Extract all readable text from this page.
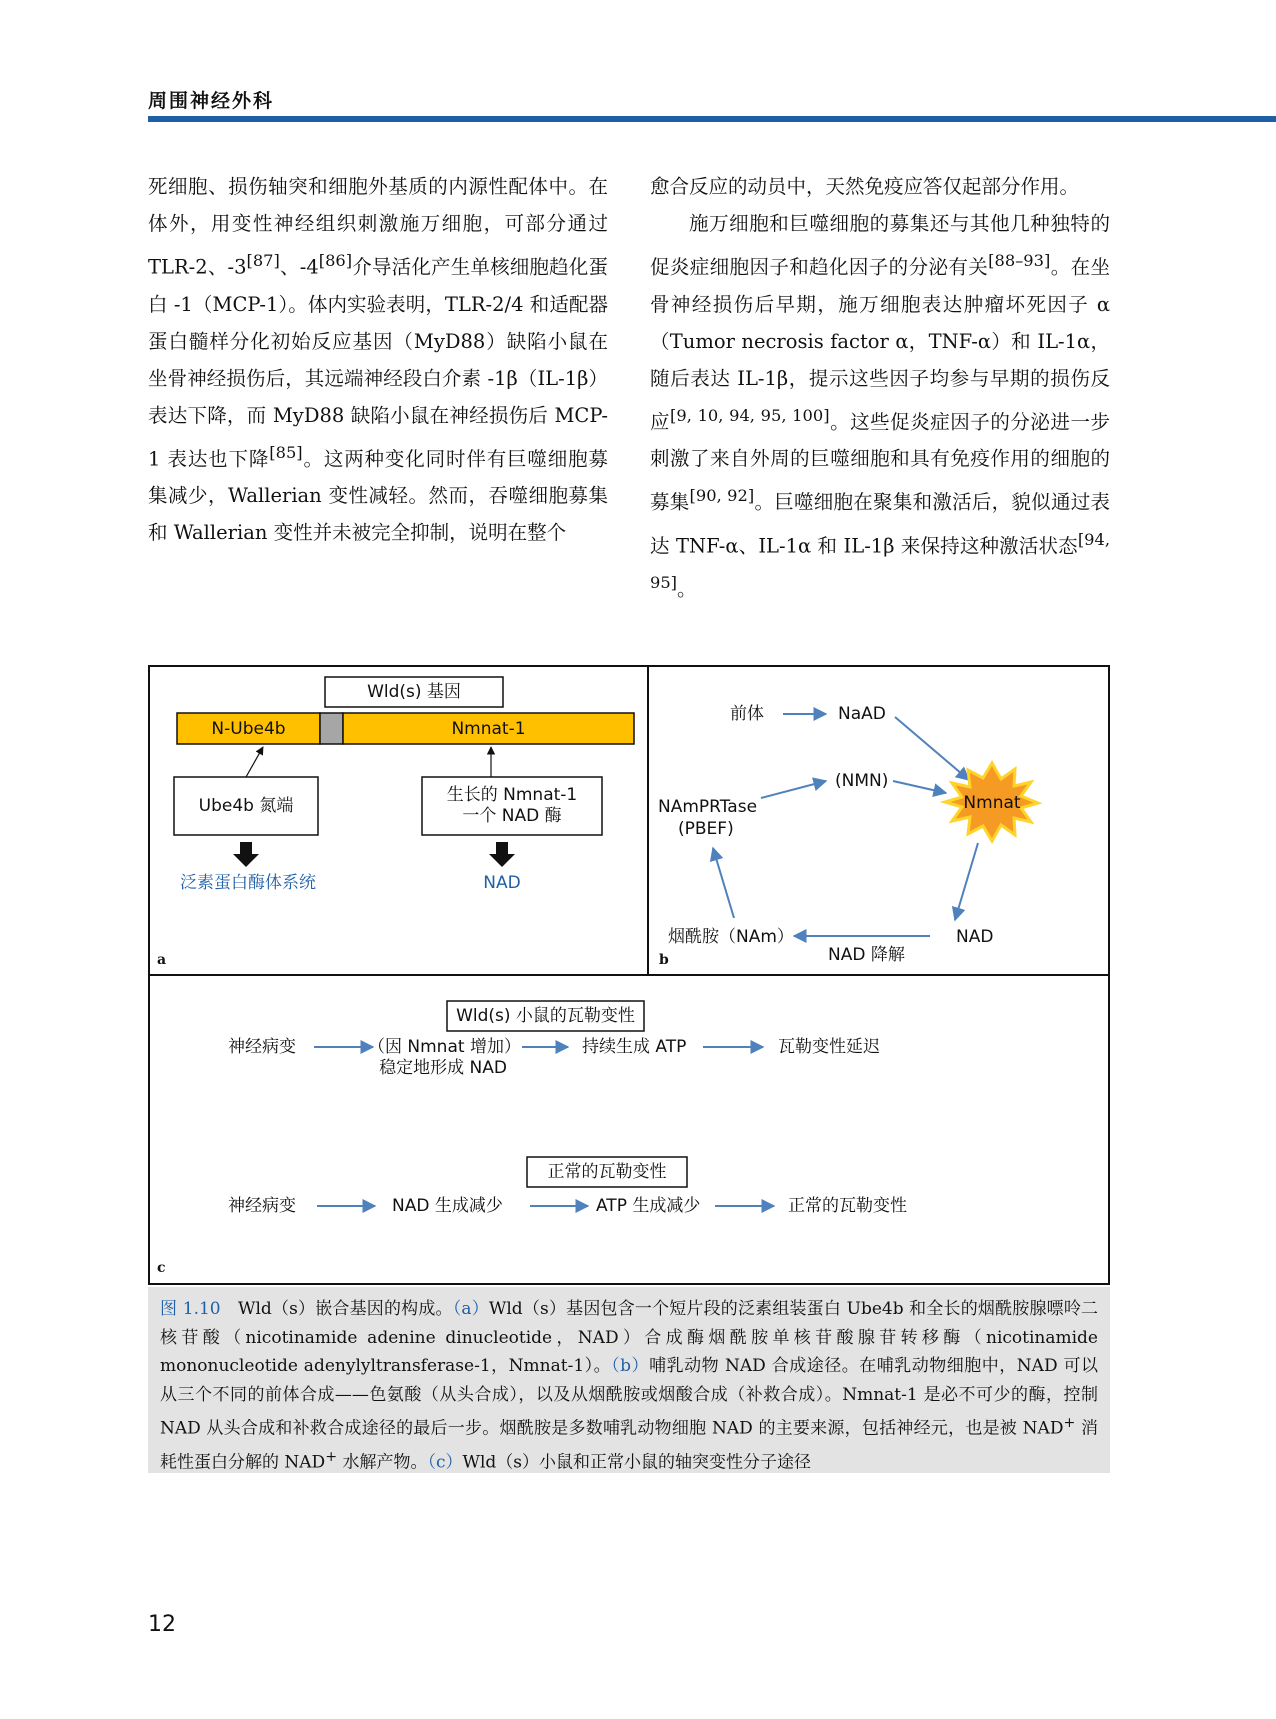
周围神经外科

死细胞、损伤轴突和细胞外基质的内源性配体中。在体外，用变性神经组织刺激施万细胞，可部分通过 TLR-2、-3[87]、-4[86]介导活化产生单核细胞趋化蛋白 -1（MCP-1）。体内实验表明，TLR-2/4 和适配器蛋白髓样分化初始反应基因（MyD88）缺陷小鼠在坐骨神经损伤后，其远端神经段白介素 -1β（IL-1β）表达下降，而 MyD88 缺陷小鼠在神经损伤后 MCP-1 表达也下降[85]。这两种变化同时伴有巨噬细胞募集减少，Wallerian 变性减轻。然而，吞噬细胞募集和 Wallerian 变性并未被完全抑制，说明在整个

愈合反应的动员中，天然免疫应答仅起部分作用。

施万细胞和巨噬细胞的募集还与其他几种独特的促炎症细胞因子和趋化因子的分泌有关[88–93]。在坐骨神经损伤后早期，施万细胞表达肿瘤坏死因子 α（Tumor necrosis factor α，TNF-α）和 IL-1α，随后表达 IL-1β，提示这些因子均参与早期的损伤反应[9, 10, 94, 95, 100]。这些促炎症因子的分泌进一步刺激了来自外周的巨噬细胞和具有免疫作用的细胞的募集[90, 92]。巨噬细胞在聚集和激活后，貌似通过表达 TNF-α、IL-1α 和 IL-1β 来保持这种激活状态[94, 95]。

Wld(s) 基因
N-Ube4b	Nmnat-1
Ube4b 氮端
生长的 Nmnat-1
一个 NAD 酶
泛素蛋白酶体系统	NAD
a
前体	NaAD
(NMN)
NAmPRTase
(PBEF)
Nmnat
NAD
烟酰胺（NAm）
NAD 降解
b
Wld(s) 小鼠的瓦勒变性
神经病变	（因 Nmnat 增加）
稳定地形成 NAD
持续生成 ATP	瓦勒变性延迟
正常的瓦勒变性
神经病变	NAD 生成减少	ATP 生成减少	正常的瓦勒变性
c
图 1.10　 Wld（s）嵌合基因的构成。（a）Wld（s）基因包含一个短片段的泛素组装蛋白 Ube4b 和全长的烟酰胺腺嘌呤二核苷酸（nicotinamide adenine dinucleotide，NAD）合成酶烟酰胺单核苷酸腺苷转移酶（nicotinamide mononucleotide adenylyltransferase-1，Nmnat-1）。（b）哺乳动物 NAD 合成途径。在哺乳动物细胞中，NAD 可以从三个不同的前体合成——色氨酸（从头合成），以及从烟酰胺或烟酸合成（补救合成）。Nmnat-1 是必不可少的酶，控制 NAD 从头合成和补救合成途径的最后一步。烟酰胺是多数哺乳动物细胞 NAD 的主要来源，包括神经元，也是被 NAD+ 消耗性蛋白分解的 NAD+ 水解产物。（c）Wld（s）小鼠和正常小鼠的轴突变性分子途径
12
